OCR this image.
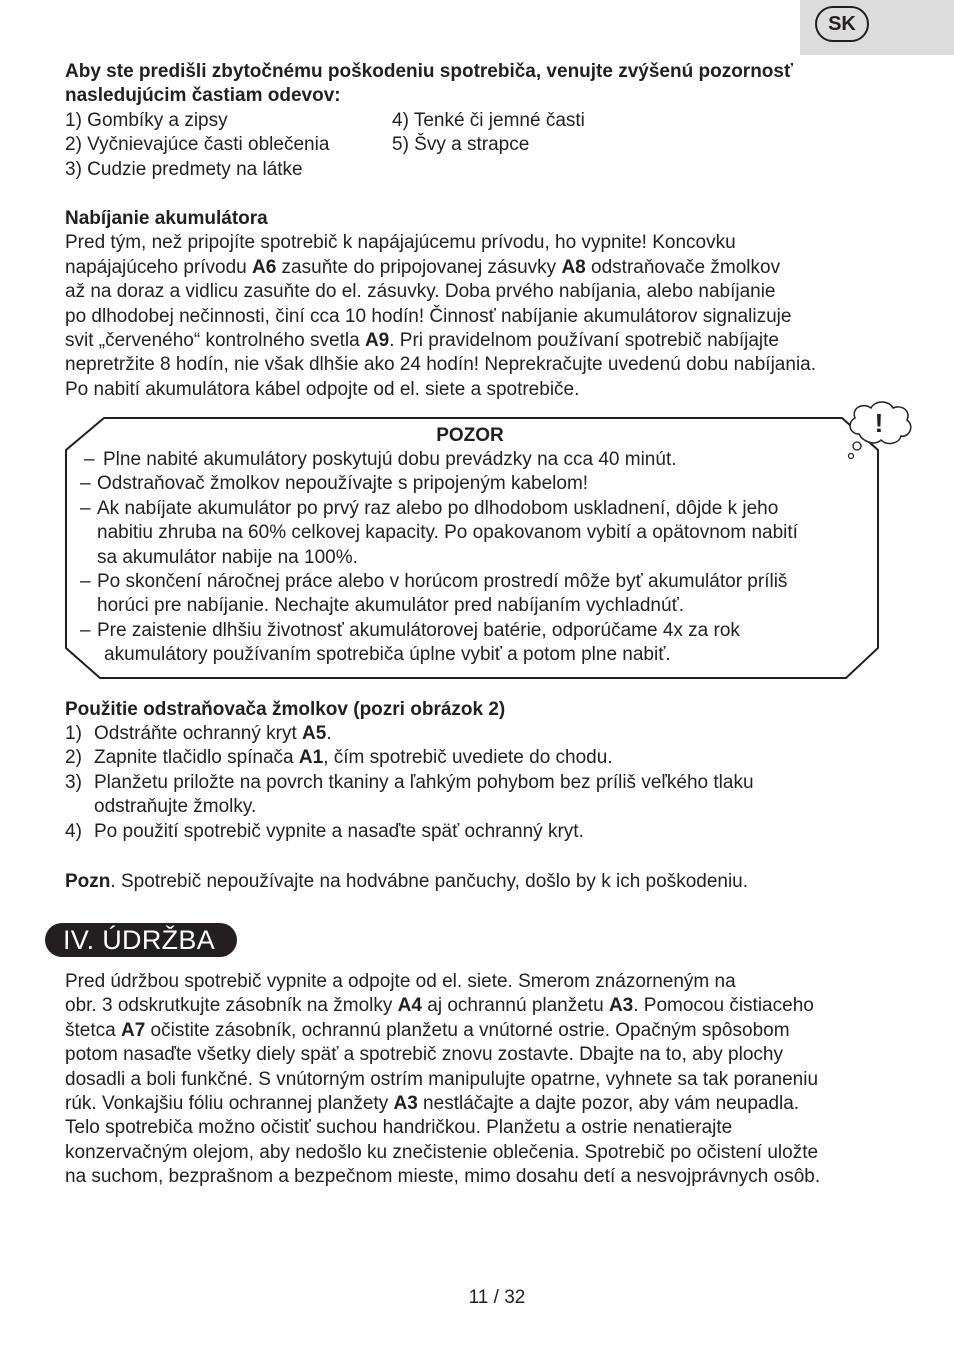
SK

Aby ste predišli zbytočnému poškodeniu spotrebiča, venujte zvýšenú pozornosť

nasledujúcim častiam odevov:

1) Gombíky a zipsy	4) Tenké či jemné časti
2) Vyčnievajúce časti oblečenia	5) Švy a strapce
3) Cudzie predmety na látke

Nabíjanie akumulátora

Pred tým, než pripojíte spotrebič k napájajúcemu prívodu, ho vypnite! Koncovku

napájajúceho prívodu A6 zasuňte do pripojovanej zásuvky A8 odstraňovače žmolkov

až na doraz a vidlicu zasuňte do el. zásuvky. Doba prvého nabíjania, alebo nabíjanie

po dlhodobej nečinnosti, činí cca 10 hodín! Činnosť nabíjanie akumulátorov signalizuje

svit „červeného“ kontrolného svetla A9. Pri pravidelnom používaní spotrebič nabíjajte

nepretržite 8 hodín, nie však dlhšie ako 24 hodín! Neprekračujte uvedenú dobu nabíjania.

Po nabití akumulátora kábel odpojte od el. siete a spotrebiče.

!
POZOR
– Plne nabité akumulátory poskytujú dobu prevádzky na cca 40 minút.
– Odstraňovač žmolkov nepoužívajte s pripojeným kabelom!
– Ak nabíjate akumulátor po prvý raz alebo po dlhodobom uskladnení, dôjde k jeho
nabitiu zhruba na 60% celkovej kapacity. Po opakovanom vybití a opätovnom nabití
sa akumulátor nabije na 100%.
– Po skončení náročnej práce alebo v horúcom prostredí môže byť akumulátor príliš
horúci pre nabíjanie. Nechajte akumulátor pred nabíjaním vychladnúť.
– Pre zaistenie dlhšiu životnosť akumulátorovej batérie, odporúčame 4x za rok
akumulátory používaním spotrebiča úplne vybiť a potom plne nabiť.

Použitie odstraňovača žmolkov (pozri obrázok 2)

1) Odstráňte ochranný kryt A5.
2) Zapnite tlačidlo spínača A1, čím spotrebič uvediete do chodu.
3) Planžetu priložte na povrch tkaniny a ľahkým pohybom bez príliš veľkého tlaku
odstraňujte žmolky.
4) Po použití spotrebič vypnite a nasaďte späť ochranný kryt.

Pozn. Spotrebič nepoužívajte na hodvábne pančuchy, došlo by k ich poškodeniu.

IV. ÚDRŽBA

Pred údržbou spotrebič vypnite a odpojte od el. siete. Smerom znázorneným na

obr. 3 odskrutkujte zásobník na žmolky A4 aj ochrannú planžetu A3. Pomocou čistiaceho

štetca A7 očistite zásobník, ochrannú planžetu a vnútorné ostrie. Opačným spôsobom

potom nasaďte všetky diely späť a spotrebič znovu zostavte. Dbajte na to, aby plochy

dosadli a boli funkčné. S vnútorným ostrím manipulujte opatrne, vyhnete sa tak poraneniu

rúk. Vonkajšiu fóliu ochrannej planžety A3 nestláčajte a dajte pozor, aby vám neupadla.

Telo spotrebiča možno očistiť suchou handričkou. Planžetu a ostrie nenatierajte

konzervačným olejom, aby nedošlo ku znečistenie oblečenia. Spotrebič po očistení uložte

na suchom, bezprašnom a bezpečnom mieste, mimo dosahu detí a nesvojprávnych osôb.

11 / 32
